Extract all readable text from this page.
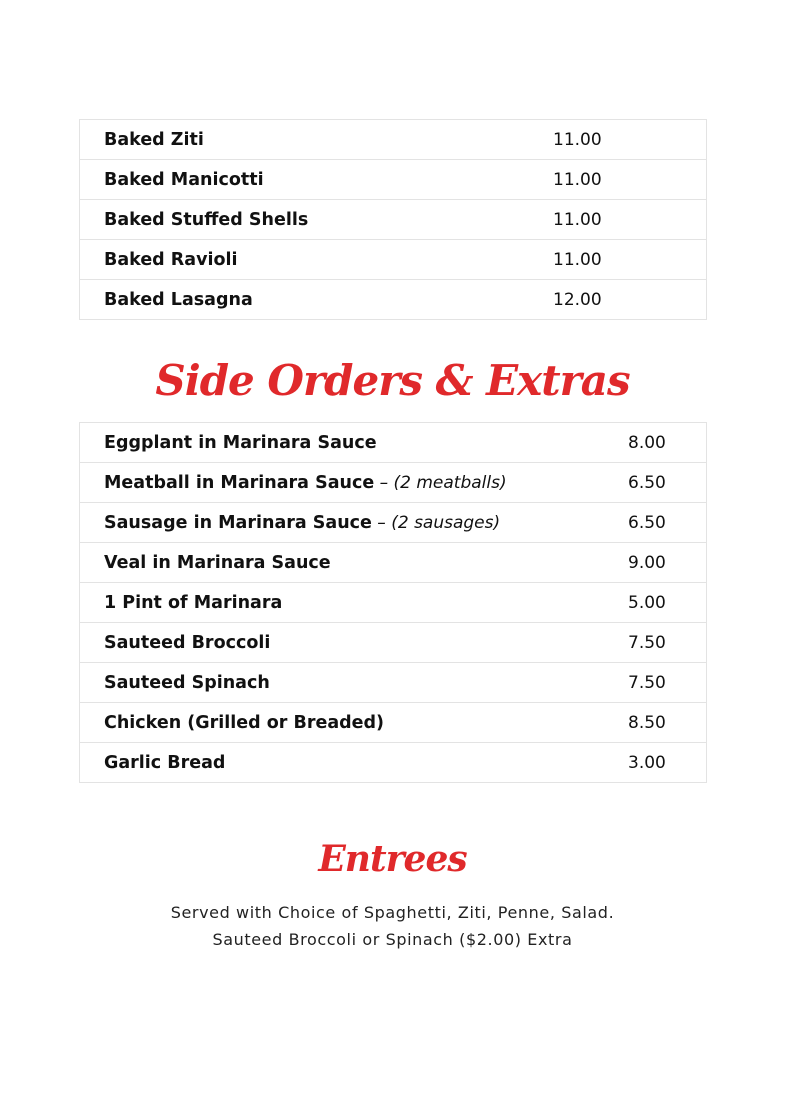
Baked Ziti	11.00
Baked Manicotti	11.00
Baked Stuffed Shells	11.00
Baked Ravioli	11.00
Baked Lasagna	12.00
Side Orders & Extras
Eggplant in Marinara Sauce	8.00
Meatball in Marinara Sauce – (2 meatballs)	6.50
Sausage in Marinara Sauce – (2 sausages)	6.50
Veal in Marinara Sauce	9.00
1 Pint of Marinara	5.00
Sauteed Broccoli	7.50
Sauteed Spinach	7.50
Chicken (Grilled or Breaded)	8.50
Garlic Bread	3.00
Entrees
Served with Choice of Spaghetti, Ziti, Penne, Salad.
Sauteed Broccoli or Spinach ($2.00) Extra
